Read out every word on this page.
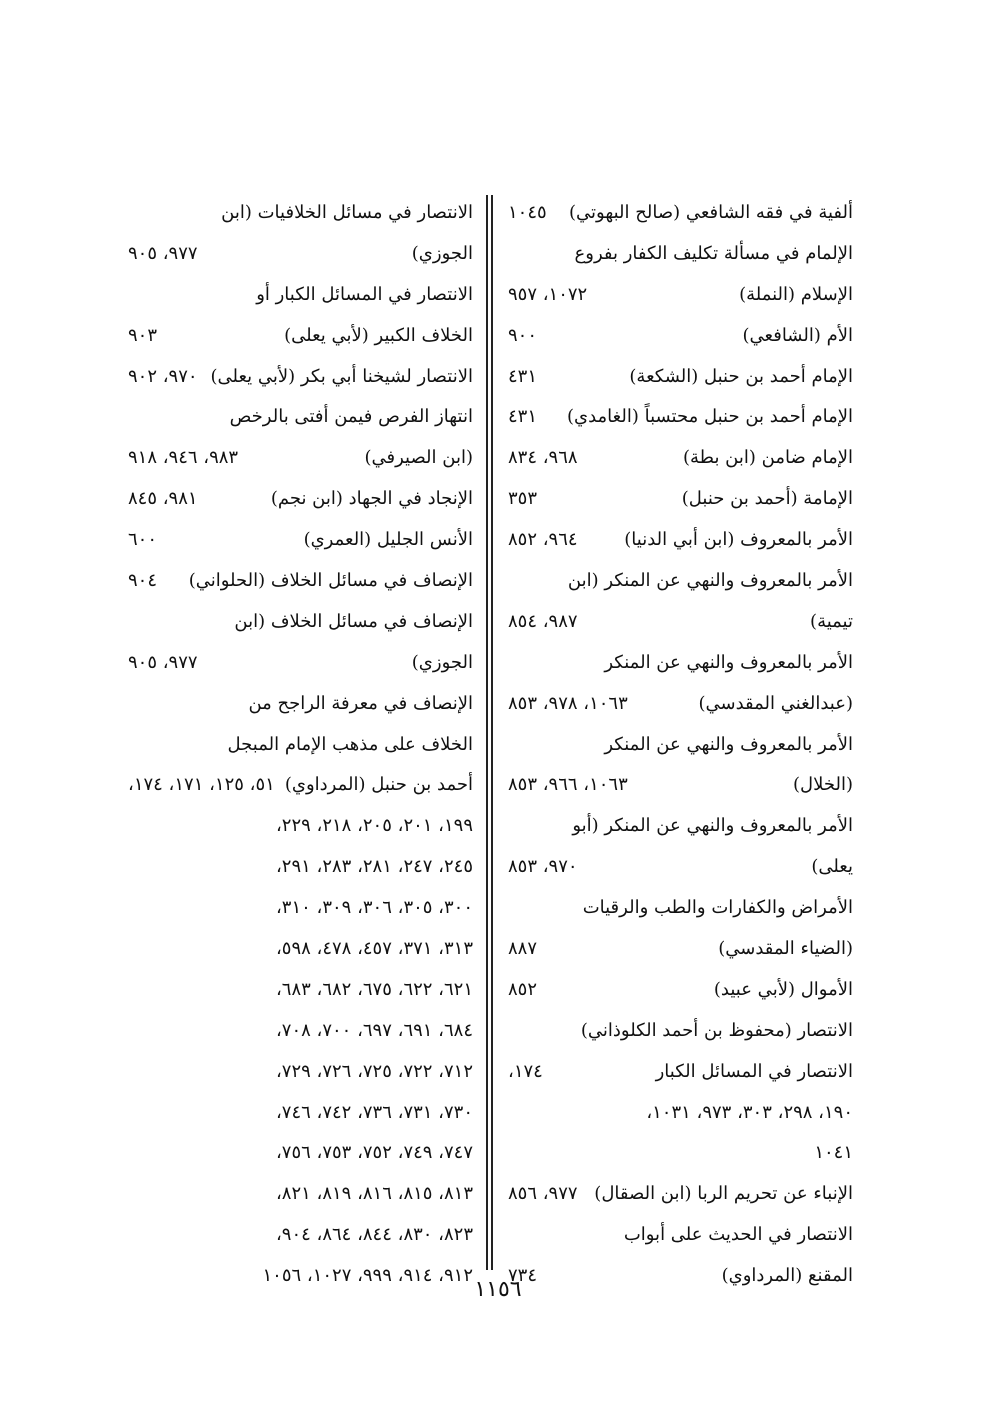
ألفية في فقه الشافعي (صالح البهوتي)
١٠٤٥
الإلمام في مسألة تكليف الكفار بفروع
الإسلام (النملة)
١٠٧٢، ٩٥٧
الأم (الشافعي)
٩٠٠
الإمام أحمد بن حنبل (الشكعة)
٤٣١
الإمام أحمد بن حنبل محتسباً (الغامدي)
٤٣١
الإمام ضامن (ابن بطة)
٩٦٨، ٨٣٤
الإمامة (أحمد بن حنبل)
٣٥٣
الأمر بالمعروف (ابن أبي الدنيا)
٩٦٤، ٨٥٢
الأمر بالمعروف والنهي عن المنكر (ابن
تيمية)
٩٨٧، ٨٥٤
الأمر بالمعروف والنهي عن المنكر
(عبدالغني المقدسي)
١٠٦٣، ٩٧٨، ٨٥٣
الأمر بالمعروف والنهي عن المنكر
(الخلال)
١٠٦٣، ٩٦٦، ٨٥٣
الأمر بالمعروف والنهي عن المنكر (أبو
يعلى)
٩٧٠، ٨٥٣
الأمراض والكفارات والطب والرقيات
(الضياء المقدسي)
٨٨٧
الأموال (لأبي عبيد)
٨٥٢
الانتصار (محفوظ بن أحمد الكلوذاني)
الانتصار في المسائل الكبار
١٧٤،
١٩٠، ٢٩٨، ٣٠٣، ٩٧٣، ١٠٣١،
١٠٤١
الإنباء عن تحريم الربا (ابن الصقال)
٩٧٧، ٨٥٦
الانتصار في الحديث على أبواب
المقنع (المرداوي)
٧٣٤
الانتصار في مسائل الخلافيات (ابن
الجوزي)
٩٧٧، ٩٠٥
الانتصار في المسائل الكبار أو
الخلاف الكبير (لأبي يعلى)
٩٠٣
الانتصار لشيخنا أبي بكر (لأبي يعلى)
٩٧٠، ٩٠٢
انتهاز الفرص فيمن أفتى بالرخص
(ابن الصيرفي)
٩٨٣، ٩٤٦، ٩١٨
الإنجاد في الجهاد (ابن نجم)
٩٨١، ٨٤٥
الأنس الجليل (العمري)
٦٠٠
الإنصاف في مسائل الخلاف (الحلواني)
٩٠٤
الإنصاف في مسائل الخلاف (ابن
الجوزي)
٩٧٧، ٩٠٥
الإنصاف في معرفة الراجح من
الخلاف على مذهب الإمام المبجل
أحمد بن حنبل (المرداوي)
٥١، ١٢٥، ١٧١، ١٧٤،
١٩٩، ٢٠١، ٢٠٥، ٢١٨، ٢٢٩،
٢٤٥، ٢٤٧، ٢٨١، ٢٨٣، ٢٩١،
٣٠٠، ٣٠٥، ٣٠٦، ٣٠٩، ٣١٠،
٣١٣، ٣٧١، ٤٥٧، ٤٧٨، ٥٩٨،
٦٢١، ٦٢٢، ٦٧٥، ٦٨٢، ٦٨٣،
٦٨٤، ٦٩١، ٦٩٧، ٧٠٠، ٧٠٨،
٧١٢، ٧٢٢، ٧٢٥، ٧٢٦، ٧٢٩،
٧٣٠، ٧٣١، ٧٣٦، ٧٤٢، ٧٤٦،
٧٤٧، ٧٤٩، ٧٥٢، ٧٥٣، ٧٥٦،
٨١٣، ٨١٥، ٨١٦، ٨١٩، ٨٢١،
٨٢٣، ٨٣٠، ٨٤٤، ٨٦٤، ٩٠٤،
٩١٢، ٩١٤، ٩٩٩، ١٠٢٧، ١٠٥٦
١١٥٦
